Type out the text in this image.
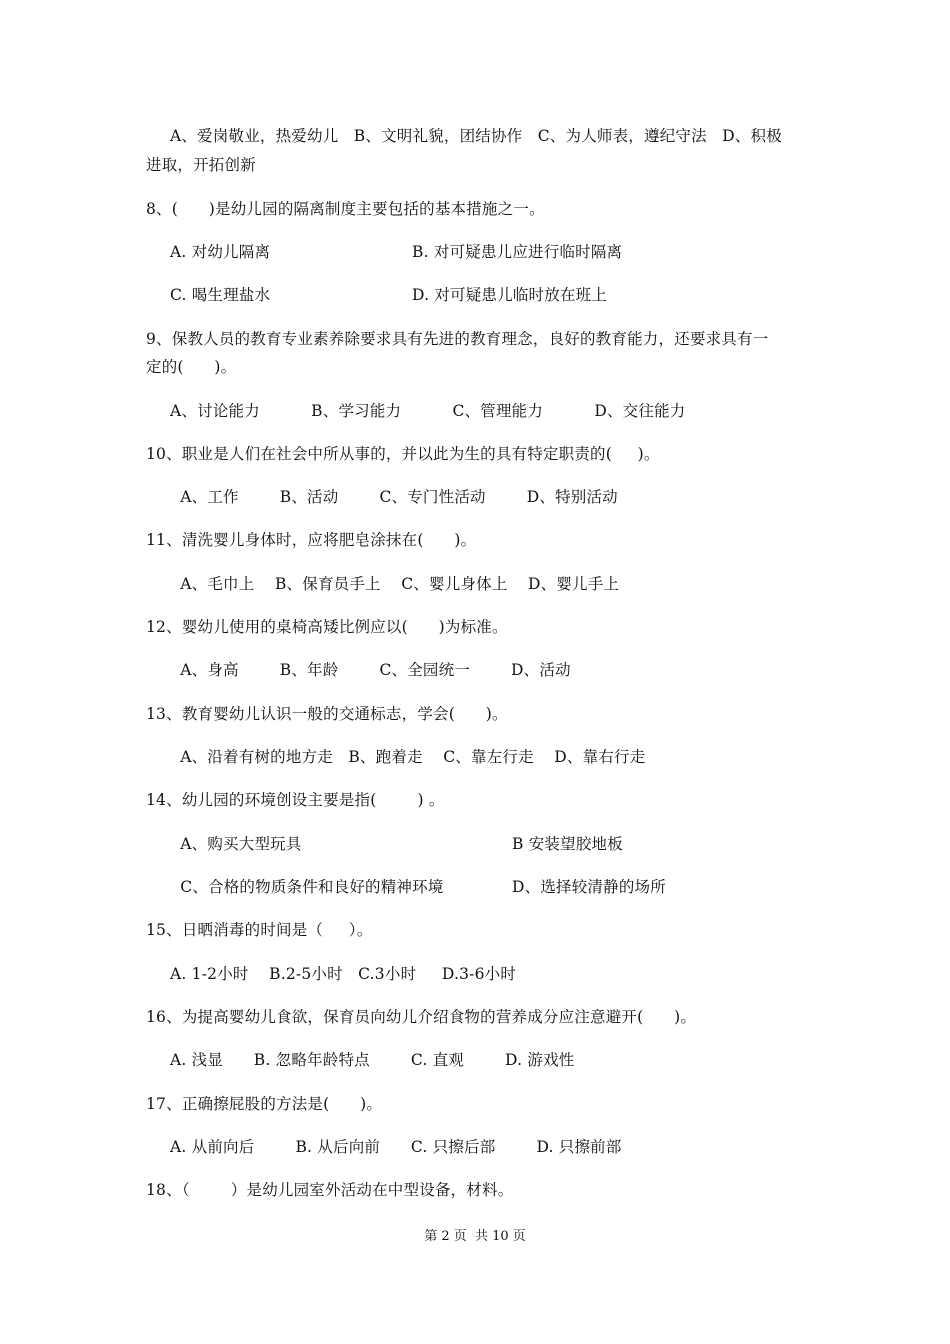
A、爱岗敬业，热爱幼儿   B、文明礼貌，团结协作   C、为人师表，遵纪守法   D、积极
进取，开拓创新
8、(      )是幼儿园的隔离制度主要包括的基本措施之一。
A. 对幼儿隔离	B. 对可疑患儿应进行临时隔离
C. 喝生理盐水	D. 对可疑患儿临时放在班上
9、保教人员的教育专业素养除要求具有先进的教育理念，良好的教育能力，还要求具有一
定的(      )。
A、讨论能力          B、学习能力          C、管理能力          D、交往能力
10、职业是人们在社会中所从事的，并以此为生的具有特定职责的(     )。
A、工作        B、活动        C、专门性活动        D、特别活动
11、清洗婴儿身体时，应将肥皂涂抹在(      )。
A、毛巾上    B、保育员手上    C、婴儿身体上    D、婴儿手上
12、婴幼儿使用的桌椅高矮比例应以(      )为标准。
A、身高        B、年龄        C、全园统一        D、活动
13、教育婴幼儿认识一般的交通标志，学会(      )。
A、沿着有树的地方走   B、跑着走    C、靠左行走    D、靠右行走
14、幼儿园的环境创设主要是指(        ) 。
A、购买大型玩具	B 安装望胶地板
C、合格的物质条件和良好的精神环境	D、选择较清静的场所
15、日晒消毒的时间是（     ）。
A. 1-2小时    B.2-5小时   C.3小时     D.3-6小时
16、为提高婴幼儿食欲，保育员向幼儿介绍食物的营养成分应注意避开(      )。
A. 浅显      B. 忽略年龄特点        C. 直观        D. 游戏性
17、正确擦屁股的方法是(      )。
A. 从前向后        B. 从后向前      C. 只擦后部        D. 只擦前部
18、（        ）是幼儿园室外活动在中型设备，材料。
第 2 页  共 10 页
